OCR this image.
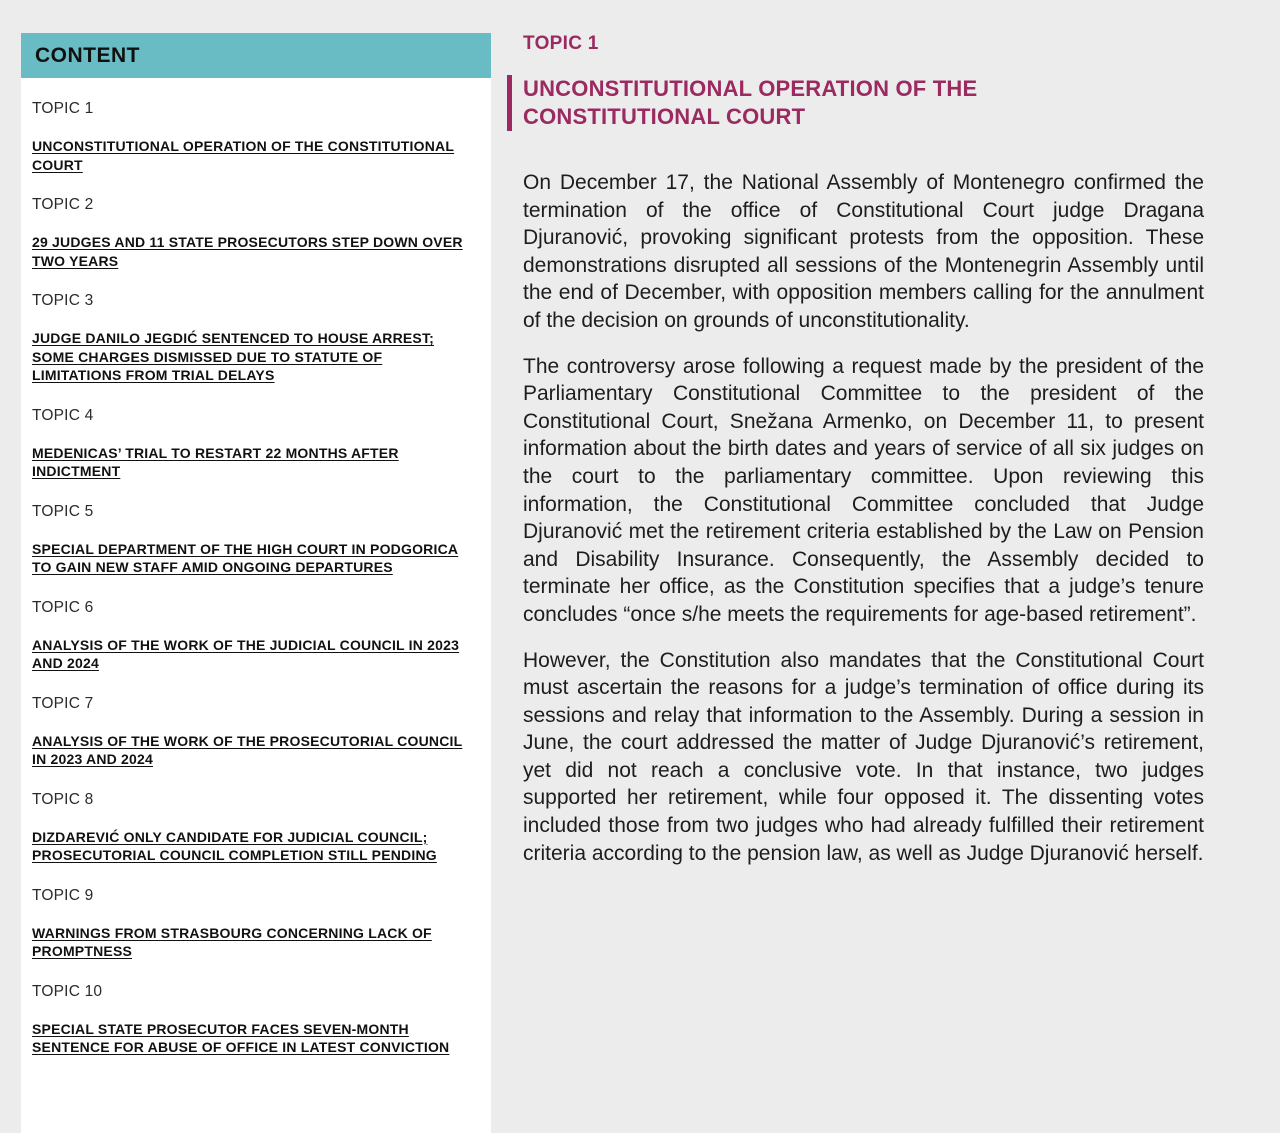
CONTENT
TOPIC 1
UNCONSTITUTIONAL OPERATION OF THE CONSTITUTIONAL COURT
TOPIC 2
29 JUDGES AND 11 STATE PROSECUTORS STEP DOWN OVER TWO YEARS
TOPIC 3
JUDGE DANILO JEGDIĆ SENTENCED TO HOUSE ARREST; SOME CHARGES DISMISSED DUE TO STATUTE OF LIMITATIONS FROM TRIAL DELAYS
TOPIC 4
MEDENICAS’ TRIAL TO RESTART 22 MONTHS AFTER INDICTMENT
TOPIC 5
SPECIAL DEPARTMENT OF THE HIGH COURT IN PODGORICA TO GAIN NEW STAFF AMID ONGOING DEPARTURES
TOPIC 6
ANALYSIS OF THE WORK OF THE JUDICIAL COUNCIL IN 2023 AND 2024
TOPIC 7
ANALYSIS OF THE WORK OF THE PROSECUTORIAL COUNCIL IN 2023 AND 2024
TOPIC 8
DIZDAREVIĆ ONLY CANDIDATE FOR JUDICIAL COUNCIL; PROSECUTORIAL COUNCIL COMPLETION STILL PENDING
TOPIC 9
WARNINGS FROM STRASBOURG CONCERNING LACK OF PROMPTNESS
TOPIC 10
SPECIAL STATE PROSECUTOR FACES SEVEN-MONTH SENTENCE FOR ABUSE OF OFFICE IN LATEST CONVICTION
TOPIC 1
UNCONSTITUTIONAL OPERATION OF THE CONSTITUTIONAL COURT

On December 17, the National Assembly of Montenegro confirmed the termination of the office of Constitutional Court judge Dragana Djuranović, provoking significant protests from the opposition. These demonstrations disrupted all sessions of the Montenegrin Assembly until the end of December, with opposition members calling for the annulment of the decision on grounds of unconstitutionality.

The controversy arose following a request made by the president of the Parliamentary Constitutional Committee to the president of the Constitutional Court, Snežana Armenko, on December 11, to present information about the birth dates and years of service of all six judges on the court to the parliamentary committee. Upon reviewing this information, the Constitutional Committee concluded that Judge Djuranović met the retirement criteria established by the Law on Pension and Disability Insurance. Consequently, the Assembly decided to terminate her office, as the Constitution specifies that a judge’s tenure concludes “once s/he meets the requirements for age-based retirement”.

However, the Constitution also mandates that the Constitutional Court must ascertain the reasons for a judge’s termination of office during its sessions and relay that information to the Assembly. During a session in June, the court addressed the matter of Judge Djuranović’s retirement, yet did not reach a conclusive vote. In that instance, two judges supported her retirement, while four opposed it. The dissenting votes included those from two judges who had already fulfilled their retirement criteria according to the pension law, as well as Judge Djuranović herself.
